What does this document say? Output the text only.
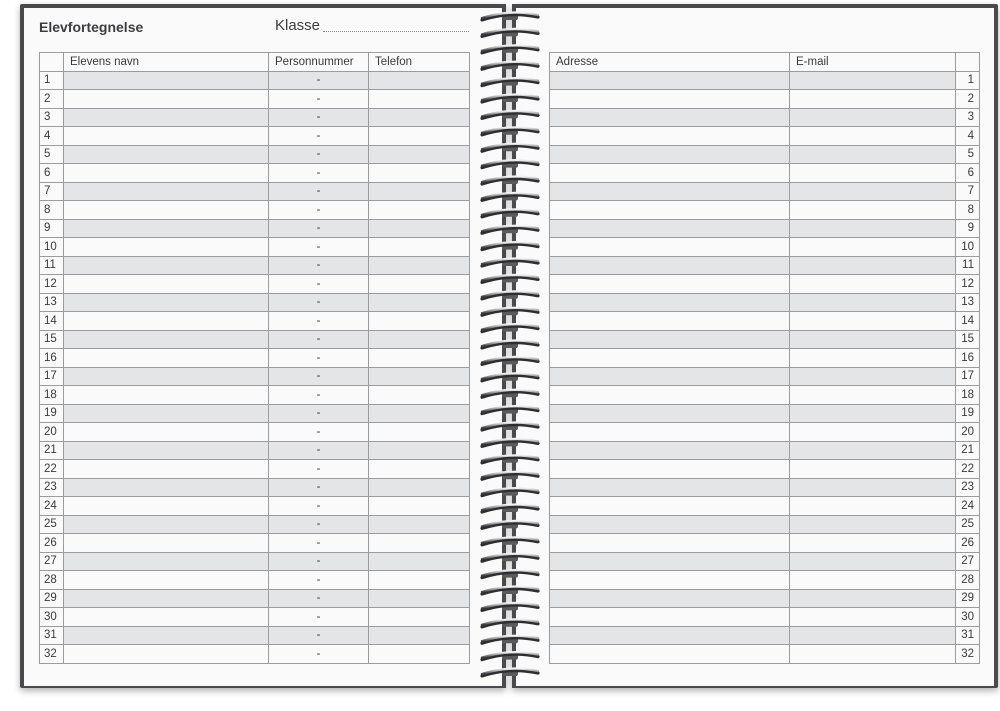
Elevfortegnelse	Klasse
	Elevens navn	Personnummer	Telefon
1		-	
2		-	
3		-	
4		-	
5		-	
6		-	
7		-	
8		-	
9		-	
10		-	
11		-	
12		-	
13		-	
14		-	
15		-	
16		-	
17		-	
18		-	
19		-	
20		-	
21		-	
22		-	
23		-	
24		-	
25		-	
26		-	
27		-	
28		-	
29		-	
30		-	
31		-	
32		-	
Adresse	E-mail	
		1
		2
		3
		4
		5
		6
		7
		8
		9
		10
		11
		12
		13
		14
		15
		16
		17
		18
		19
		20
		21
		22
		23
		24
		25
		26
		27
		28
		29
		30
		31
		32
